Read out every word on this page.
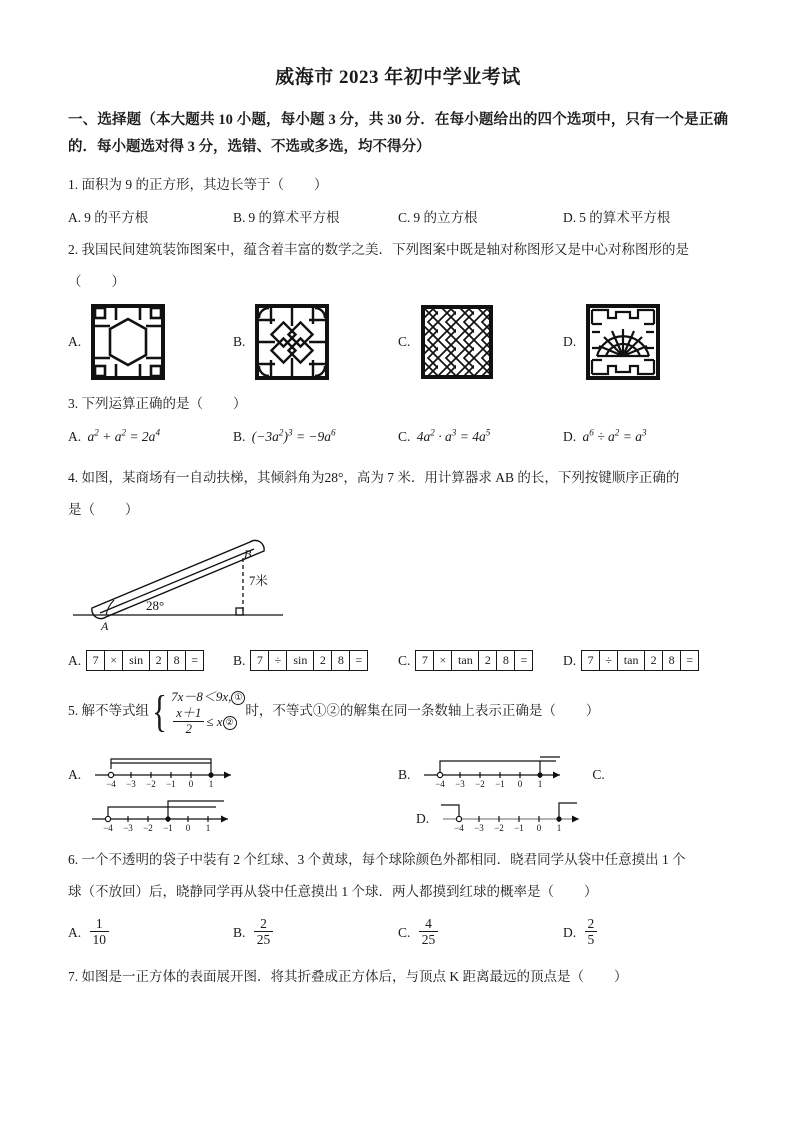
威海市 2023 年初中学业考试
一、选择题（本大题共 10 小题，每小题 3 分，共 30 分．在每小题给出的四个选项中，只有一个是正确的．每小题选对得 3 分，选错、不选或多选，均不得分）
1. 面积为 9 的正方形，其边长等于（ ）
A. 9 的平方根	B. 9 的算术平方根	C. 9 的立方根	D. 5 的算术平方根
2. 我国民间建筑装饰图案中，蕴含着丰富的数学之美．下列图案中既是轴对称图形又是中心对称图形的是
（ ）
A.	B.	C.	D.
3. 下列运算正确的是（ ）
A. $a^2 + a^2 = 2a^4$	B. $(-3a^2)^3 = -9a^6$	C. $4a^2 \cdot a^3 = 4a^5$	D. $a^6 \div a^2 = a^3$
4. 如图，某商场有一自动扶梯，其倾斜角为28°，高为 7 米．用计算器求 AB 的长，下列按键顺序正确的
是（ ）
28°
B
7米
A
A. 7 ×	sin	2	8 =	B. 7 ÷	sin	2	8 =	C. 7 × tan	2	8 =	D. 7 ÷ tan	2	8 =
5. 解不等式组 { 7x－8＜9x, ①
$\frac{x+1}{2} \le x$ ②
时，不等式①②的解集在同一条数轴上表示正确是（ ）
A.
−4 −3 −2 −1 0 1
B.
−4 −3 −2 −1 0 1
C.
−4 −3 −2 −1 0 1
D.
−4 −3 −2 −1 0 1
6. 一个不透明的袋子中装有 2 个红球、3 个黄球，每个球除颜色外都相同．晓君同学从袋中任意摸出 1 个
球（不放回）后，晓静同学再从袋中任意摸出 1 个球．两人都摸到红球的概率是（ ）
A. $\frac{1}{10}$	B. $\frac{2}{25}$	C. $\frac{4}{25}$	D. $\frac{2}{5}$
7. 如图是一正方体的表面展开图．将其折叠成正方体后，与顶点 K 距离最远的顶点是（ ）
